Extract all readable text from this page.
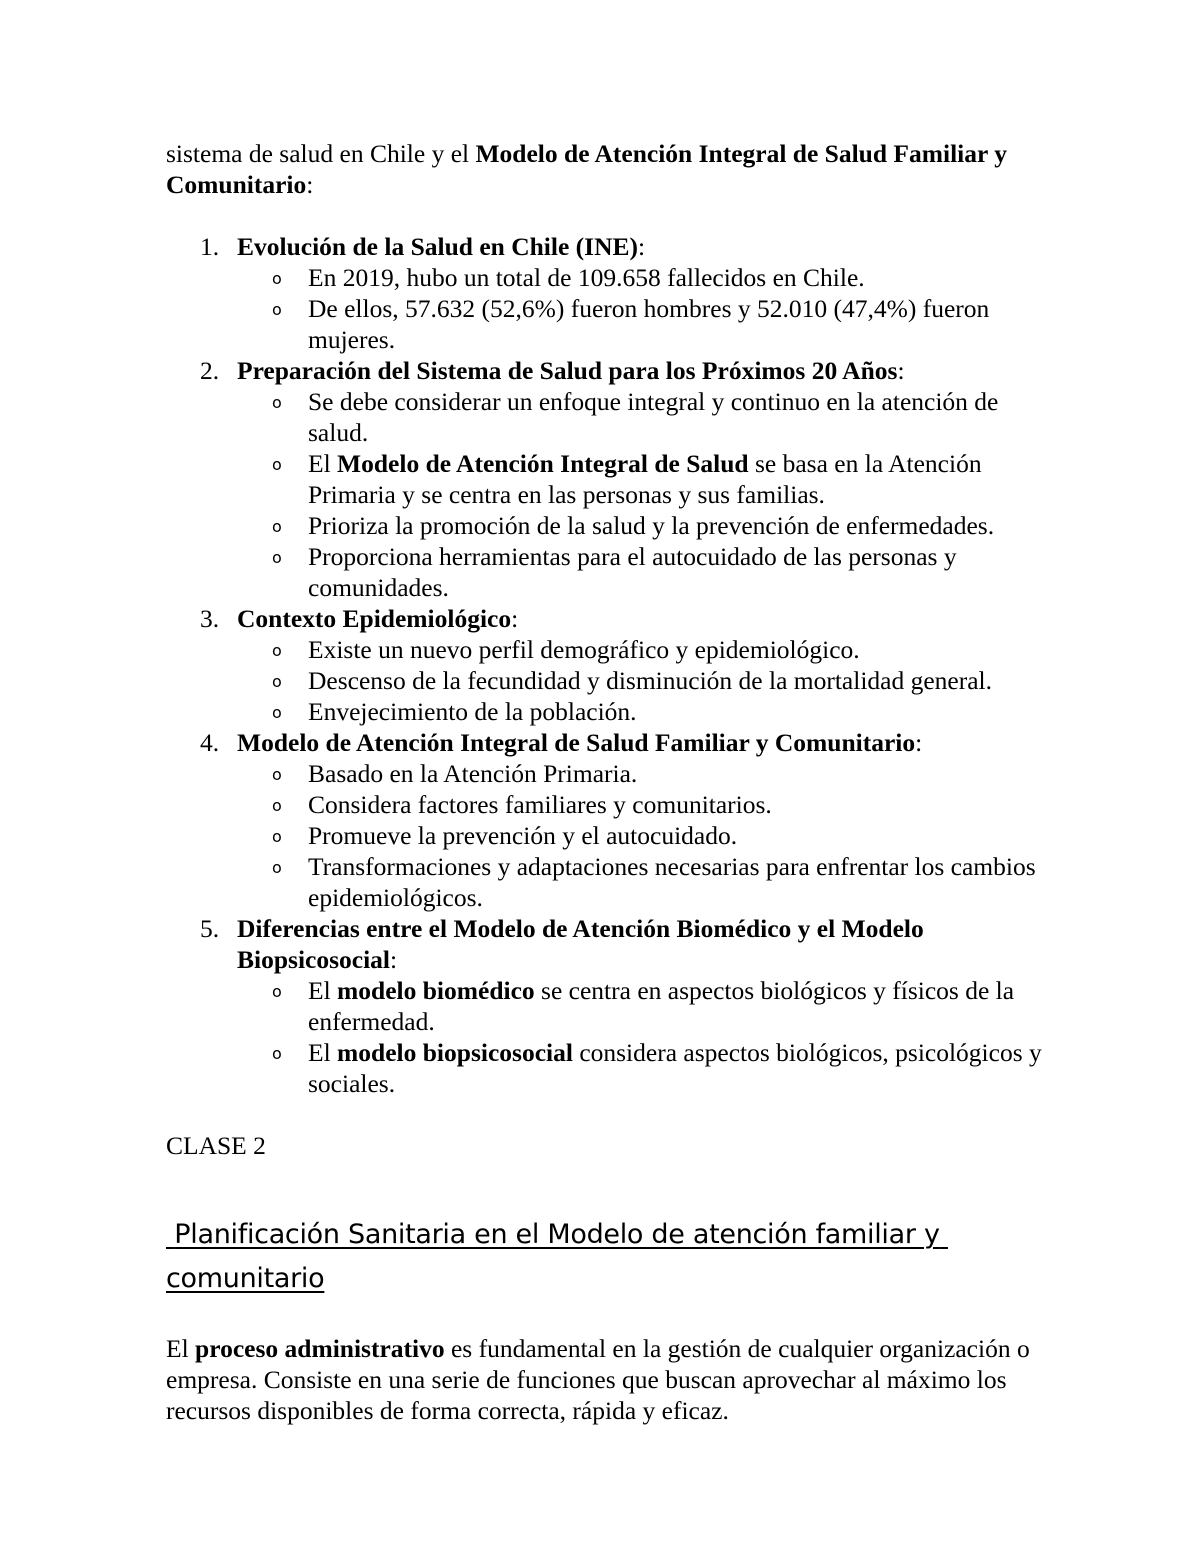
sistema de salud en Chile y el Modelo de Atención Integral de Salud Familiar y Comunitario:

1. Evolución de la Salud en Chile (INE):
o En 2019, hubo un total de 109.658 fallecidos en Chile.
o De ellos, 57.632 (52,6%) fueron hombres y 52.010 (47,4%) fueron mujeres.
2. Preparación del Sistema de Salud para los Próximos 20 Años:
o Se debe considerar un enfoque integral y continuo en la atención de salud.
o El Modelo de Atención Integral de Salud se basa en la Atención Primaria y se centra en las personas y sus familias.
o Prioriza la promoción de la salud y la prevención de enfermedades.
o Proporciona herramientas para el autocuidado de las personas y comunidades.
3. Contexto Epidemiológico:
o Existe un nuevo perfil demográfico y epidemiológico.
o Descenso de la fecundidad y disminución de la mortalidad general.
o Envejecimiento de la población.
4. Modelo de Atención Integral de Salud Familiar y Comunitario:
o Basado en la Atención Primaria.
o Considera factores familiares y comunitarios.
o Promueve la prevención y el autocuidado.
o Transformaciones y adaptaciones necesarias para enfrentar los cambios epidemiológicos.
5. Diferencias entre el Modelo de Atención Biomédico y el Modelo Biopsicosocial:
o El modelo biomédico se centra en aspectos biológicos y físicos de la enfermedad.
o El modelo biopsicosocial considera aspectos biológicos, psicológicos y sociales.

CLASE 2

Planificación Sanitaria en el Modelo de atención familiar y comunitario

El proceso administrativo es fundamental en la gestión de cualquier organización o empresa. Consiste en una serie de funciones que buscan aprovechar al máximo los recursos disponibles de forma correcta, rápida y eficaz.
